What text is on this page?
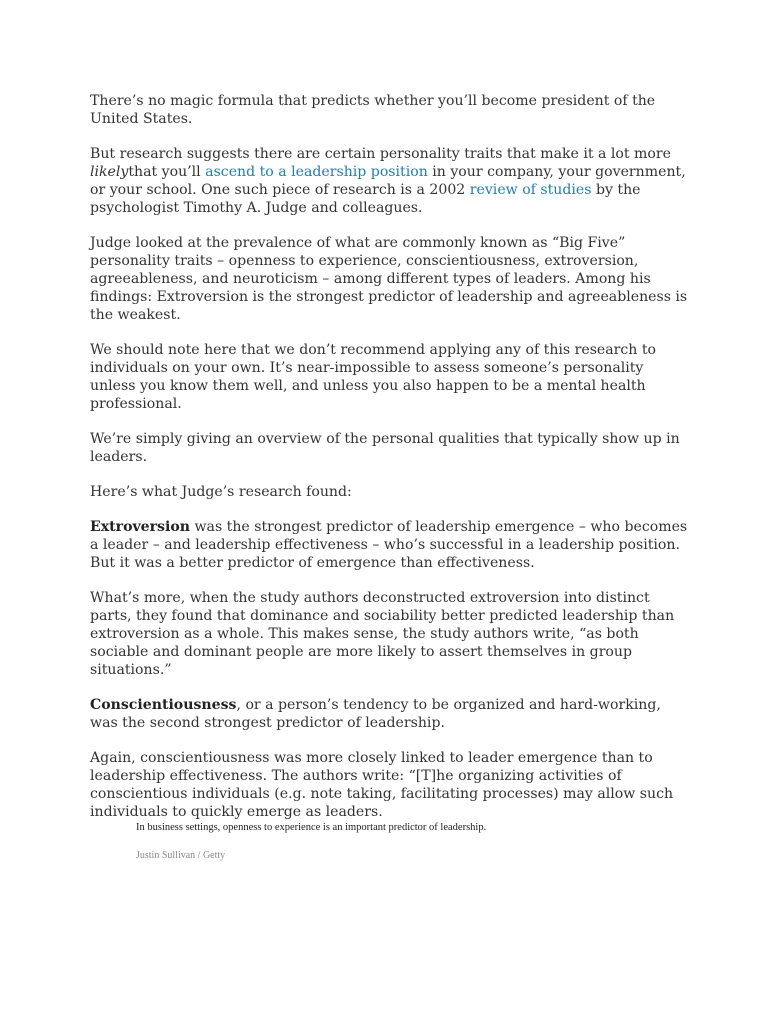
There’s no magic formula that predicts whether you’ll become president of the United States.

But research suggests there are certain personality traits that make it a lot more likelythat you’ll ascend to a leadership position in your company, your government, or your school. One such piece of research is a 2002 review of studies by the psychologist Timothy A. Judge and colleagues.

Judge looked at the prevalence of what are commonly known as “Big Five” personality traits – openness to experience, conscientiousness, extroversion, agreeableness, and neuroticism – among different types of leaders. Among his findings: Extroversion is the strongest predictor of leadership and agreeableness is the weakest.

We should note here that we don’t recommend applying any of this research to individuals on your own. It’s near-impossible to assess someone’s personality unless you know them well, and unless you also happen to be a mental health professional.

We’re simply giving an overview of the personal qualities that typically show up in leaders.

Here’s what Judge’s research found:

Extroversion was the strongest predictor of leadership emergence – who becomes a leader – and leadership effectiveness – who’s successful in a leadership position. But it was a better predictor of emergence than effectiveness.

What’s more, when the study authors deconstructed extroversion into distinct parts, they found that dominance and sociability better predicted leadership than extroversion as a whole. This makes sense, the study authors write, “as both sociable and dominant people are more likely to assert themselves in group situations.”

Conscientiousness, or a person’s tendency to be organized and hard-working, was the second strongest predictor of leadership.

Again, conscientiousness was more closely linked to leader emergence than to leadership effectiveness. The authors write: “[T]he organizing activities of conscientious individuals (e.g. note taking, facilitating processes) may allow such individuals to quickly emerge as leaders.

In business settings, openness to experience is an important predictor of leadership.
Justin Sullivan / Getty
